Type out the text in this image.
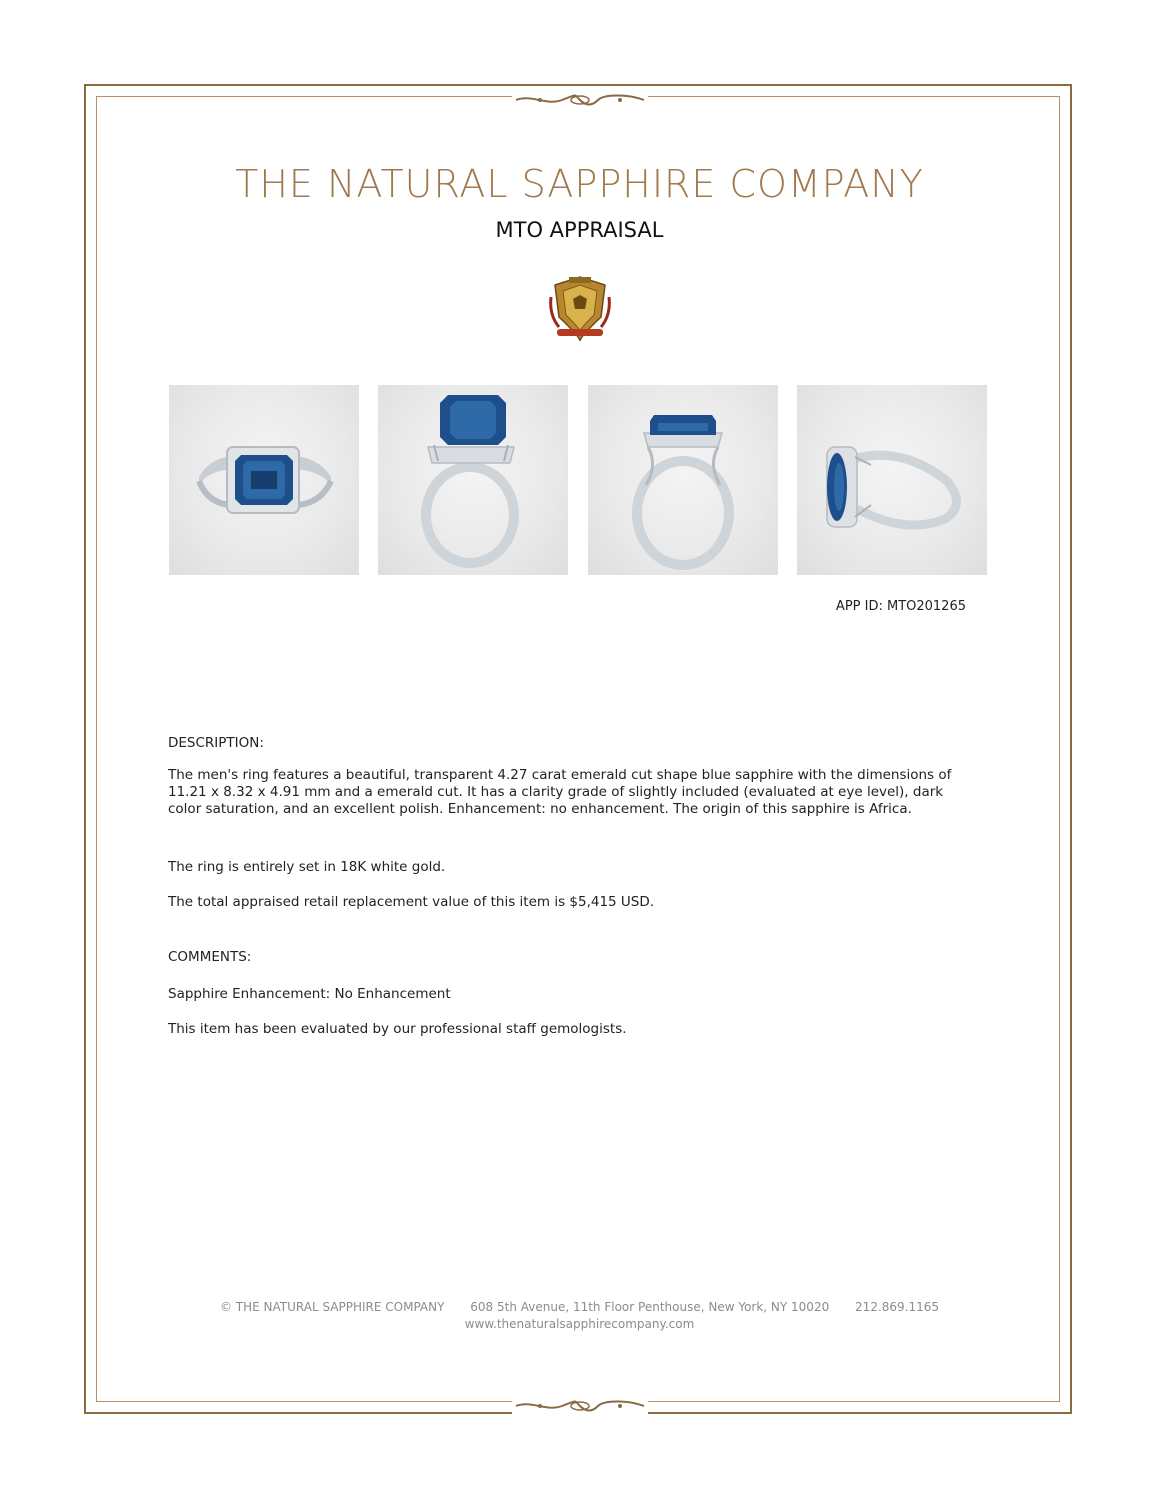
THE NATURAL SAPPHIRE COMPANY
MTO APPRAISAL
APP ID: MTO201265
DESCRIPTION:
The men's ring features a beautiful, transparent 4.27 carat emerald cut shape blue sapphire with the dimensions of 11.21 x 8.32 x 4.91 mm and a emerald cut. It has a clarity grade of slightly included (evaluated at eye level), dark color saturation, and an excellent polish. Enhancement: no enhancement. The origin of this sapphire is Africa.
The ring is entirely set in 18K white gold.
The total appraised retail replacement value of this item is $5,415 USD.
COMMENTS:
Sapphire Enhancement: No Enhancement
This item has been evaluated by our professional staff gemologists.
© THE NATURAL SAPPHIRE COMPANY 608 5th Avenue, 11th Floor Penthouse, New York, NY 10020 212.869.1165
www.thenaturalsapphirecompany.com
